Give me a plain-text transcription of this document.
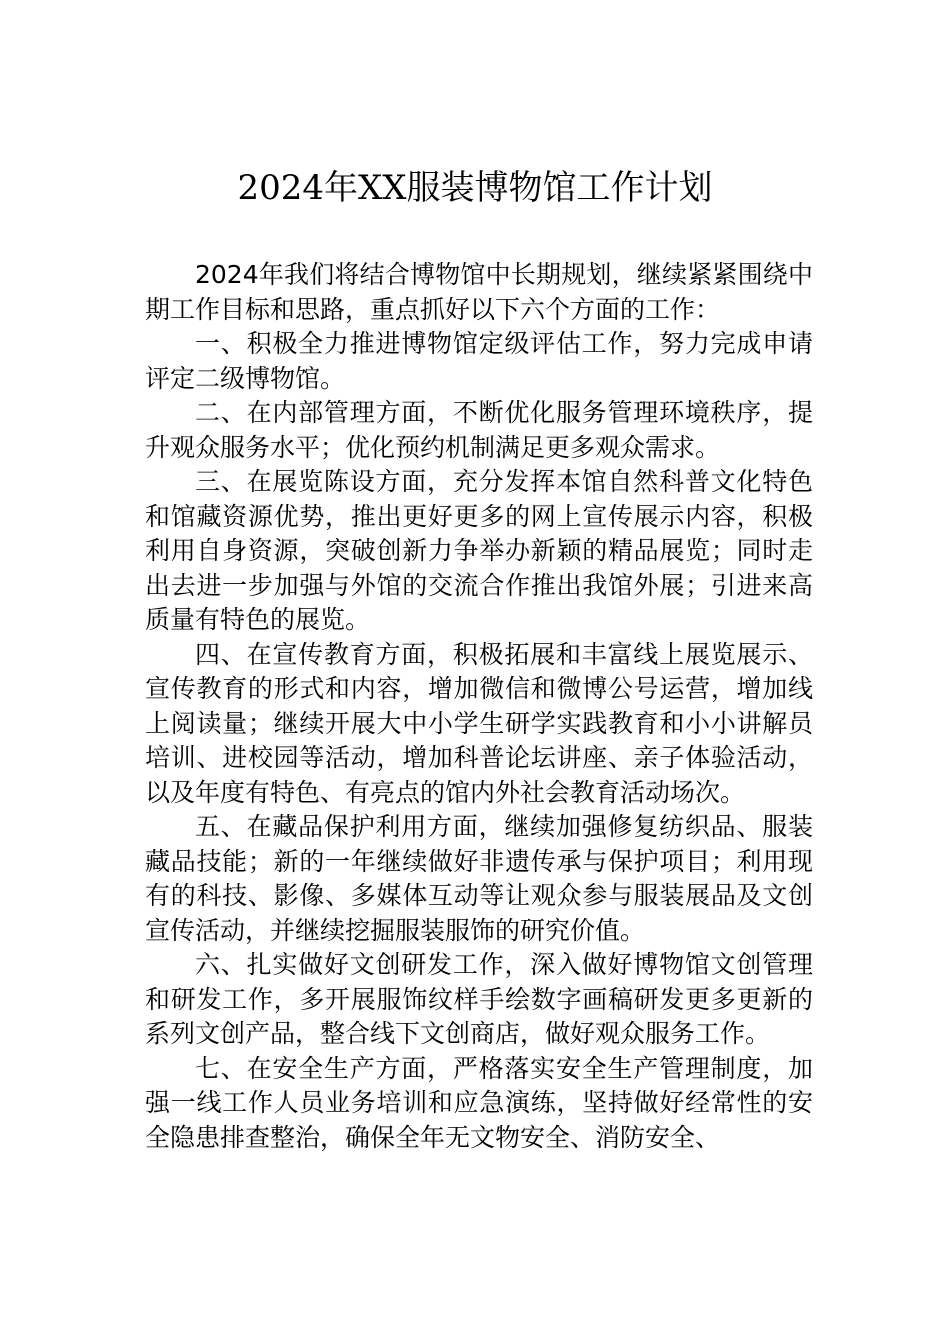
2024年XX服装博物馆工作计划

2024年我们将结合博物馆中长期规划，继续紧紧围绕中期工作目标和思路，重点抓好以下六个方面的工作：

一、积极全力推进博物馆定级评估工作，努力完成申请评定二级博物馆。

二、在内部管理方面，不断优化服务管理环境秩序，提升观众服务水平；优化预约机制满足更多观众需求。

三、在展览陈设方面，充分发挥本馆自然科普文化特色和馆藏资源优势，推出更好更多的网上宣传展示内容，积极利用自身资源，突破创新力争举办新颖的精品展览；同时走出去进一步加强与外馆的交流合作推出我馆外展；引进来高质量有特色的展览。

四、在宣传教育方面，积极拓展和丰富线上展览展示、宣传教育的形式和内容，增加微信和微博公号运营，增加线上阅读量；继续开展大中小学生研学实践教育和小小讲解员培训、进校园等活动，增加科普论坛讲座、亲子体验活动，以及年度有特色、有亮点的馆内外社会教育活动场次。

五、在藏品保护利用方面，继续加强修复纺织品、服装藏品技能；新的一年继续做好非遗传承与保护项目；利用现有的科技、影像、多媒体互动等让观众参与服装展品及文创宣传活动，并继续挖掘服装服饰的研究价值。

六、扎实做好文创研发工作，深入做好博物馆文创管理和研发工作，多开展服饰纹样手绘数字画稿研发更多更新的系列文创产品，整合线下文创商店，做好观众服务工作。

七、在安全生产方面，严格落实安全生产管理制度，加强一线工作人员业务培训和应急演练，坚持做好经常性的安全隐患排查整治，确保全年无文物安全、消防安全、
